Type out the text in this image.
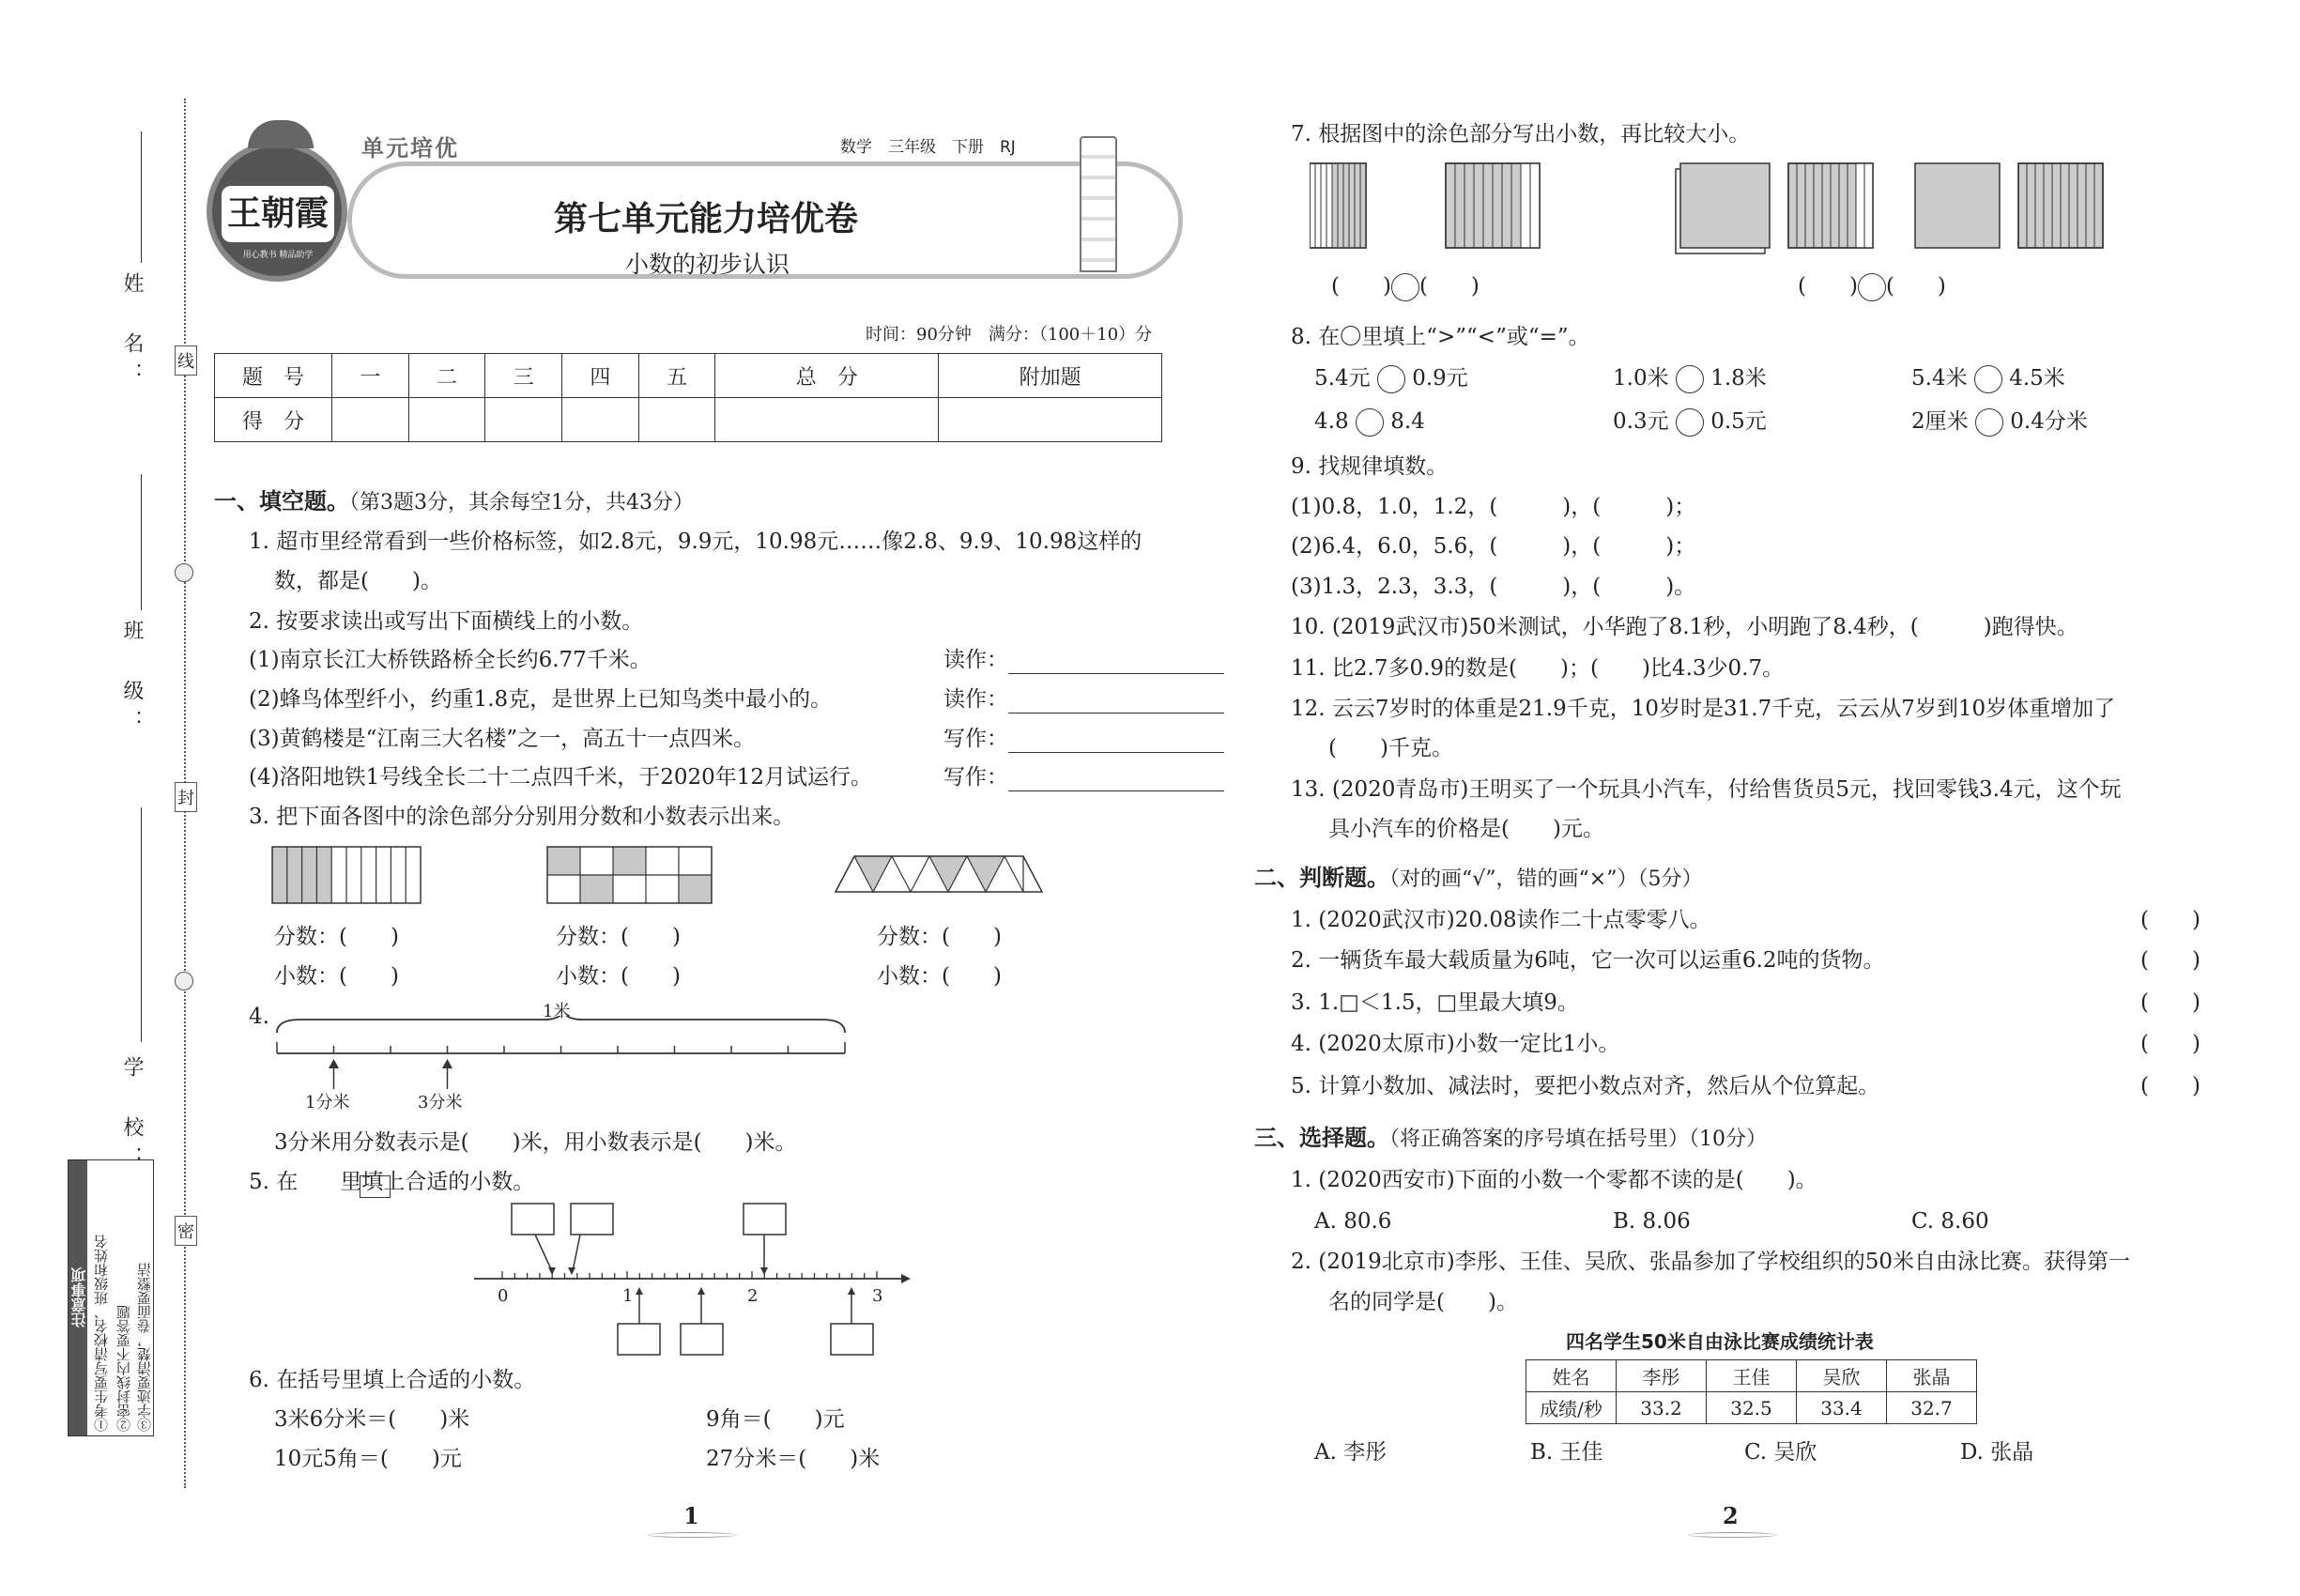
姓　名：
班　级：
学　校：
线
封
密
注意事项 ①考生要写清校名、班级和姓名 ②密封线内不要答题 ③字迹要清楚，卷面要整洁
王朝霞
用心教书 精品助学
单元培优	数学　三年级　下册　RJ
第七单元能力培优卷
小数的初步认识
时间：90分钟　满分：（100＋10）分
题　号	一	二	三	四	五	总　分	附加题
得　分							
一、填空题。（第3题3分，其余每空1分，共43分）
1. 超市里经常看到一些价格标签，如2.8元，9.9元，10.98元……像2.8、9.9、10.98这样的
数，都是(　　)。
2. 按要求读出或写出下面横线上的小数。
(1)南京长江大桥铁路桥全长约6.77千米。	读作：
(2)蜂鸟体型纤小，约重1.8克，是世界上已知鸟类中最小的。	读作：
(3)黄鹤楼是“江南三大名楼”之一，高五十一点四米。	写作：
(4)洛阳地铁1号线全长二十二点四千米，于2020年12月试运行。	写作：
3. 把下面各图中的涂色部分分别用分数和小数表示出来。
分数：(　　)
小数：(　　)
分数：(　　)
小数：(　　)
分数：(　　)
小数：(　　)
4.	1米
1分米	3分米
3分米用分数表示是(　　)米，用小数表示是(　　)米。
5. 在 里填上合适的小数。
0	1	2	3
6. 在括号里填上合适的小数。
3米6分米＝(　　)米	9角＝(　　)元
10元5角＝(　　)元	27分米＝(　　)米
1
7. 根据图中的涂色部分写出小数，再比较大小。
(　　) (　　)	(　　) (　　)
8. 在〇里填上“>”“<”或“=”。
5.4元 0.9元	1.0米 1.8米	5.4米 4.5米
4.8 8.4	0.3元 0.5元	2厘米 0.4分米
9. 找规律填数。
(1)0.8，1.0，1.2，(　　　)，(　　　)；
(2)6.4，6.0，5.6，(　　　)，(　　　)；
(3)1.3，2.3，3.3，(　　　)，(　　　)。
10. (2019武汉市)50米测试，小华跑了8.1秒，小明跑了8.4秒，(　　　)跑得快。
11. 比2.7多0.9的数是(　　)；(　　)比4.3少0.7。
12. 云云7岁时的体重是21.9千克，10岁时是31.7千克，云云从7岁到10岁体重增加了
(　　)千克。
13. (2020青岛市)王明买了一个玩具小汽车，付给售货员5元，找回零钱3.4元，这个玩
具小汽车的价格是(　　)元。
二、判断题。（对的画“√”，错的画“×”）（5分）
1. (2020武汉市)20.08读作二十点零零八。	(　　)
2. 一辆货车最大载质量为6吨，它一次可以运重6.2吨的货物。	(　　)
3. 1.□＜1.5，□里最大填9。	(　　)
4. (2020太原市)小数一定比1小。	(　　)
5. 计算小数加、减法时，要把小数点对齐，然后从个位算起。	(　　)
三、选择题。（将正确答案的序号填在括号里）（10分）
1. (2020西安市)下面的小数一个零都不读的是(　　)。
A. 80.6	B. 8.06	C. 8.60
2. (2019北京市)李彤、王佳、吴欣、张晶参加了学校组织的50米自由泳比赛。获得第一
名的同学是(　　)。
四名学生50米自由泳比赛成绩统计表
姓名	李彤	王佳	吴欣	张晶
成绩/秒	33.2	32.5	33.4	32.7
A. 李彤	B. 王佳	C. 吴欣	D. 张晶
2
